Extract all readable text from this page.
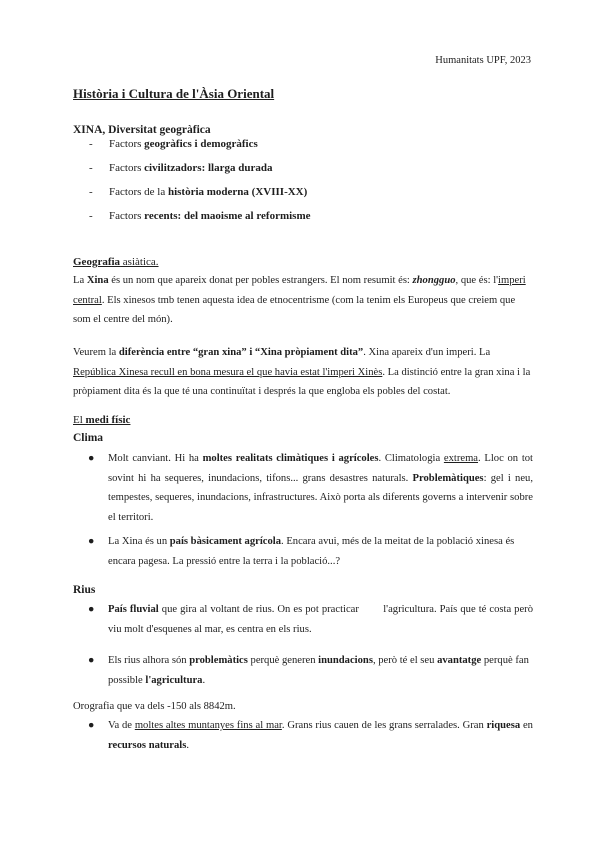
Humanitats UPF, 2023
Història i Cultura de l'Àsia Oriental
XINA, Diversitat geogràfica
- Factors geogràfics i demogràfics
- Factors civilitzadors: llarga durada
- Factors de la història moderna (XVIII-XX)
- Factors recents: del maoisme al reformisme
Geografia asiàtica.

La Xina és un nom que apareix donat per pobles estrangers. El nom resumit és: zhongguo, que és: l'imperi central. Els xinesos tmb tenen aquesta idea de etnocentrisme (com la tenim els Europeus que creiem que som el centre del món).

Veurem la diferència entre “gran xina” i “Xina pròpiament dita”. Xina apareix d'un imperi. La República Xinesa recull en bona mesura el que havia estat l'imperi Xinès. La distinció entre la gran xina i la pròpiament dita és la que té una continuïtat i després la que engloba els pobles del costat.

El medi físic
Clima
● Molt canviant. Hi ha moltes realitats climàtiques i agrícoles. Climatologia extrema. Lloc on tot sovint hi ha sequeres, inundacions, tifons... grans desastres naturals. Problemàtiques: gel i neu, tempestes, sequeres, inundacions, infrastructures. Això porta als diferents governs a intervenir sobre el territori.
● La Xina és un país bàsicament agrícola. Encara avui, més de la meitat de la població xinesa és encara pagesa. La pressió entre la terra i la població...?
Rius
● País fluvial que gira al voltant de rius. On es pot practicar        l'agricultura. País que té costa però viu molt d'esquenes al mar, es centra en els rius.
● Els rius alhora són problemàtics perquè generen inundacions, però té el seu avantatge perquè fan possible l'agricultura.

Orografia que va dels -150 als 8842m.

● Va de moltes altes muntanyes fins al mar. Grans rius cauen de les grans serralades. Gran riquesa en recursos naturals.
